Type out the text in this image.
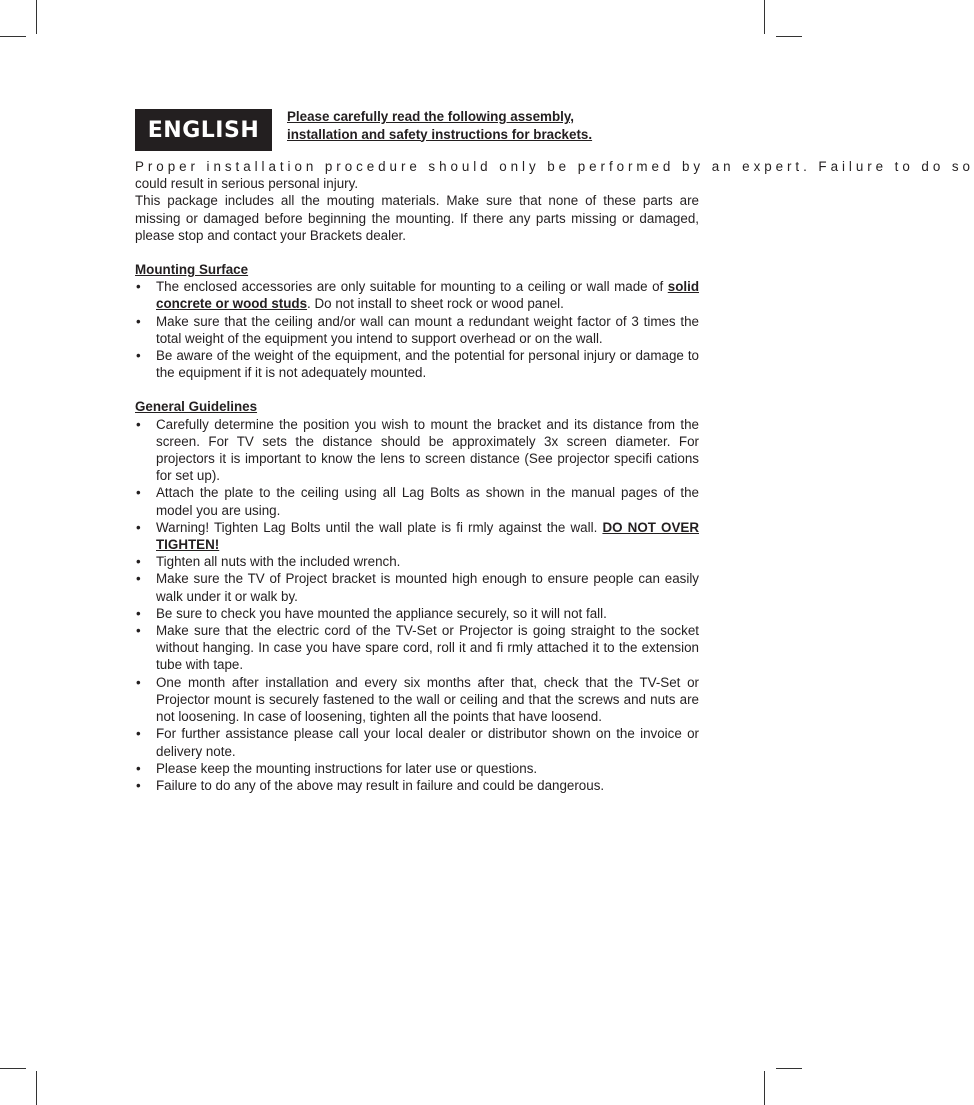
ENGLISH
Please carefully read the following assembly,
installation and safety instructions for brackets.
Proper installation procedure should only be performed by an expert. Failure to do so
could result in serious personal injury.
This package includes all the mouting materials. Make sure that none of these parts are missing or damaged before beginning the mounting. If there any parts missing or damaged, please stop and contact your Brackets dealer.
Mounting Surface
• The enclosed accessories are only suitable for mounting to a ceiling or wall made of solid concrete or wood studs. Do not install to sheet rock or wood panel.
• Make sure that the ceiling and/or wall can mount a redundant weight factor of 3 times the total weight of the equipment you intend to support overhead or on the wall.
• Be aware of the weight of the equipment, and the potential for personal injury or damage to the equipment if it is not adequately mounted.
General Guidelines
• Carefully determine the position you wish to mount the bracket and its distance from the screen. For TV sets the distance should be approximately 3x screen diameter. For projectors it is important to know the lens to screen distance (See projector specifi cations for set up).
• Attach the plate to the ceiling using all Lag Bolts as shown in the manual pages of the model you are using.
• Warning! Tighten Lag Bolts until the wall plate is fi rmly against the wall. DO NOT OVER TIGHTEN!
• Tighten all nuts with the included wrench.
• Make sure the TV of Project bracket is mounted high enough to ensure people can easily walk under it or walk by.
• Be sure to check you have mounted the appliance securely, so it will not fall.
• Make sure that the electric cord of the TV-Set or Projector is going straight to the socket without hanging. In case you have spare cord, roll it and fi rmly attached it to the extension tube with tape.
• One month after installation and every six months after that, check that the TV-Set or Projector mount is securely fastened to the wall or ceiling and that the screws and nuts are not loosening. In case of loosening, tighten all the points that have loosend.
• For further assistance please call your local dealer or distributor shown on the invoice or delivery note.
• Please keep the mounting instructions for later use or questions.
• Failure to do any of the above may result in failure and could be dangerous.
